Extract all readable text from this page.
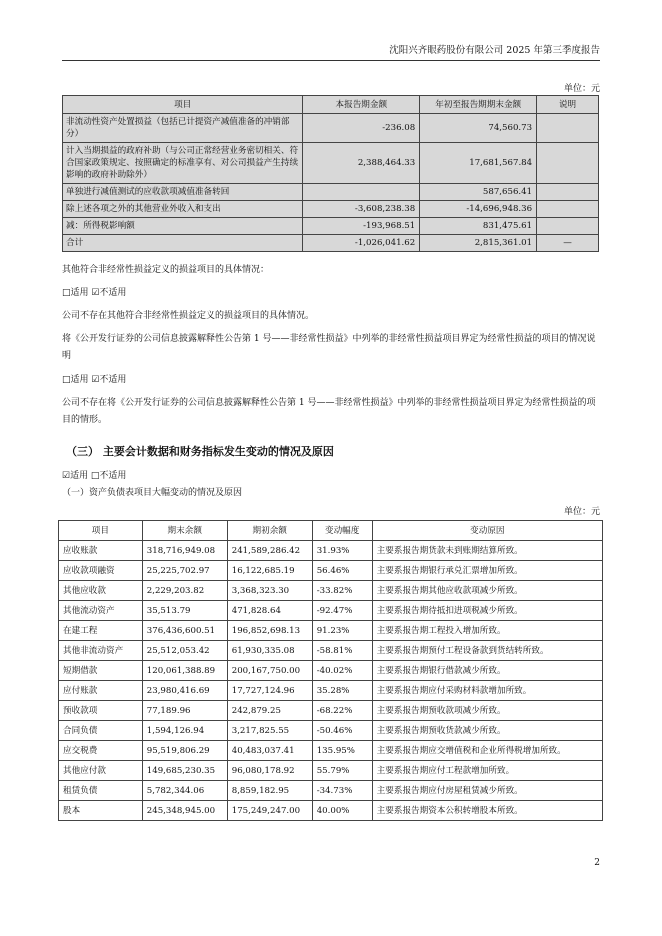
沈阳兴齐眼药股份有限公司 2025 年第三季度报告
单位：元
项目	本报告期金额	年初至报告期期末金额	说明
非流动性资产处置损益（包括已计提资产减值准备的冲销部分）	-236.08	74,560.73	
计入当期损益的政府补助（与公司正常经营业务密切相关、符合国家政策规定、按照确定的标准享有、对公司损益产生持续影响的政府补助除外）	2,388,464.33	17,681,567.84	
单独进行减值测试的应收款项减值准备转回		587,656.41	
除上述各项之外的其他营业外收入和支出	-3,608,238.38	-14,696,948.36	
减：所得税影响额	-193,968.51	831,475.61	
合计	-1,026,041.62	2,815,361.01	—
其他符合非经常性损益定义的损益项目的具体情况：
□适用 ☑不适用
公司不存在其他符合非经常性损益定义的损益项目的具体情况。
将《公开发行证券的公司信息披露解释性公告第 1 号——非经常性损益》中列举的非经常性损益项目界定为经常性损益的项目的情况说明
□适用 ☑不适用
公司不存在将《公开发行证券的公司信息披露解释性公告第 1 号——非经常性损益》中列举的非经常性损益项目界定为经常性损益的项目的情形。
（三） 主要会计数据和财务指标发生变动的情况及原因
☑适用 □不适用
（一）资产负债表项目大幅变动的情况及原因
单位：元
项目	期末余额	期初余额	变动幅度	变动原因
应收账款	318,716,949.08	241,589,286.42	31.93%	主要系报告期货款未到账期结算所致。
应收款项融资	25,225,702.97	16,122,685.19	56.46%	主要系报告期银行承兑汇票增加所致。
其他应收款	2,229,203.82	3,368,323.30	-33.82%	主要系报告期其他应收款项减少所致。
其他流动资产	35,513.79	471,828.64	-92.47%	主要系报告期待抵扣进项税减少所致。
在建工程	376,436,600.51	196,852,698.13	91.23%	主要系报告期工程投入增加所致。
其他非流动资产	25,512,053.42	61,930,335.08	-58.81%	主要系报告期预付工程设备款到货结转所致。
短期借款	120,061,388.89	200,167,750.00	-40.02%	主要系报告期银行借款减少所致。
应付账款	23,980,416.69	17,727,124.96	35.28%	主要系报告期应付采购材料款增加所致。
预收款项	77,189.96	242,879.25	-68.22%	主要系报告期预收款项减少所致。
合同负债	1,594,126.94	3,217,825.55	-50.46%	主要系报告期预收货款减少所致。
应交税费	95,519,806.29	40,483,037.41	135.95%	主要系报告期应交增值税和企业所得税增加所致。
其他应付款	149,685,230.35	96,080,178.92	55.79%	主要系报告期应付工程款增加所致。
租赁负债	5,782,344.06	8,859,182.95	-34.73%	主要系报告期应付房屋租赁减少所致。
股本	245,348,945.00	175,249,247.00	40.00%	主要系报告期资本公积转增股本所致。
2
